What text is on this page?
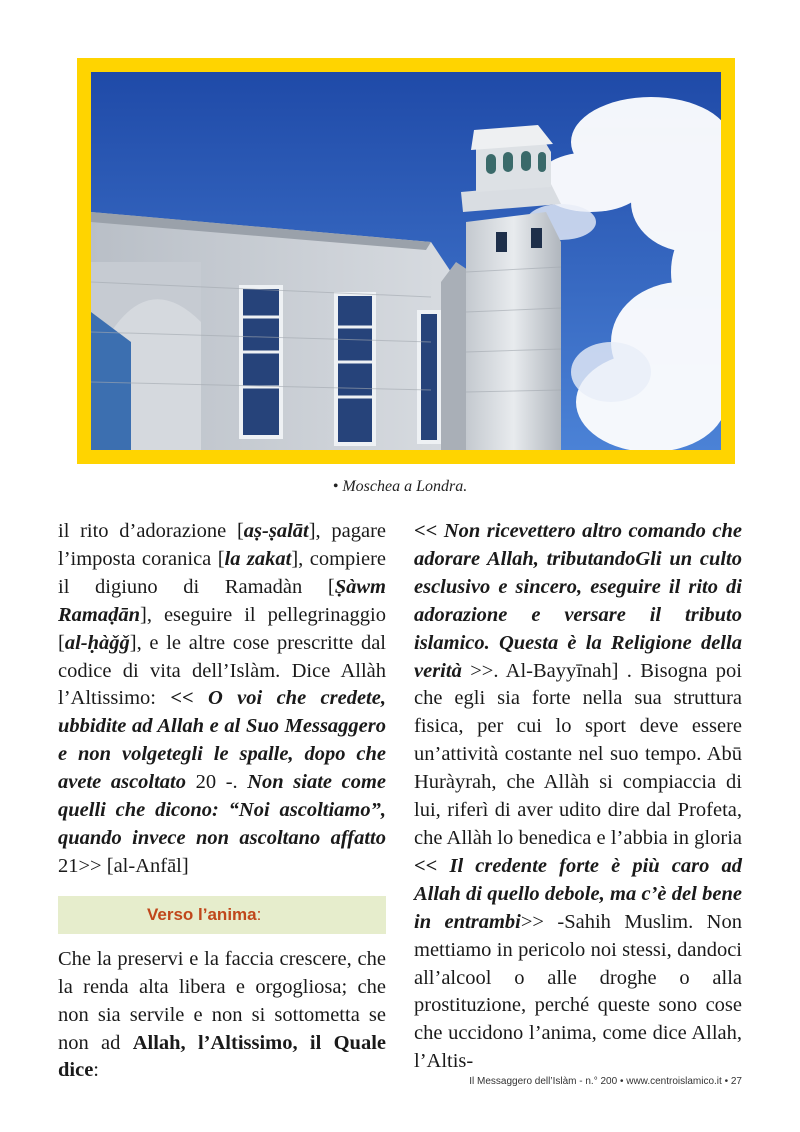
• Moschea a Londra.

il rito d’adorazione [aṣ-ṣalāt], pagare l’imposta coranica [la zakat], compiere il digiuno di Ramadàn [Ṣàwm Ramaḍān], eseguire il pellegrinaggio [al-ḥàǧǧ], e le altre cose prescritte dal codice di vita dell’Islàm. Dice Allàh l’Altissimo: << O voi che credete, ubbidite ad Allah e al Suo Messaggero e non volgetegli le spalle, dopo che avete ascoltato 20 -. Non siate come quelli che dicono: “Noi ascoltiamo”, quando invece non ascoltano affatto 21>> [al-Anfāl]

Verso l’anima:

Che la preservi e la faccia crescere, che la renda alta libera e orgogliosa; che non sia servile e non si sottometta se non ad Allah, l’Altissimo, il Quale dice:

<< Non ricevettero altro comando che adorare Allah, tributandoGli un culto esclusivo e sincero, eseguire il rito di adorazione e versare il tributo islamico. Questa è la Religione della verità >>. Al-Bayyīnah] . Bisogna poi che egli sia forte nella sua struttura fisica, per cui lo sport deve essere un’attività costante nel suo tempo. Abū Huràyrah, che Allàh si compiaccia di lui, riferì di aver udito dire dal Profeta, che Allàh lo benedica e l’abbia in gloria << Il credente forte è più caro ad Allah di quello debole, ma c’è del bene in entrambi>> -Sahih Muslim. Non mettiamo in pericolo noi stessi, dandoci all’alcool o alle droghe o alla prostituzione, perché queste sono cose che uccidono l’anima, come dice Allah, l’Altis-

Il Messaggero dell’Islàm - n.° 200 • www.centroislamico.it • 27
